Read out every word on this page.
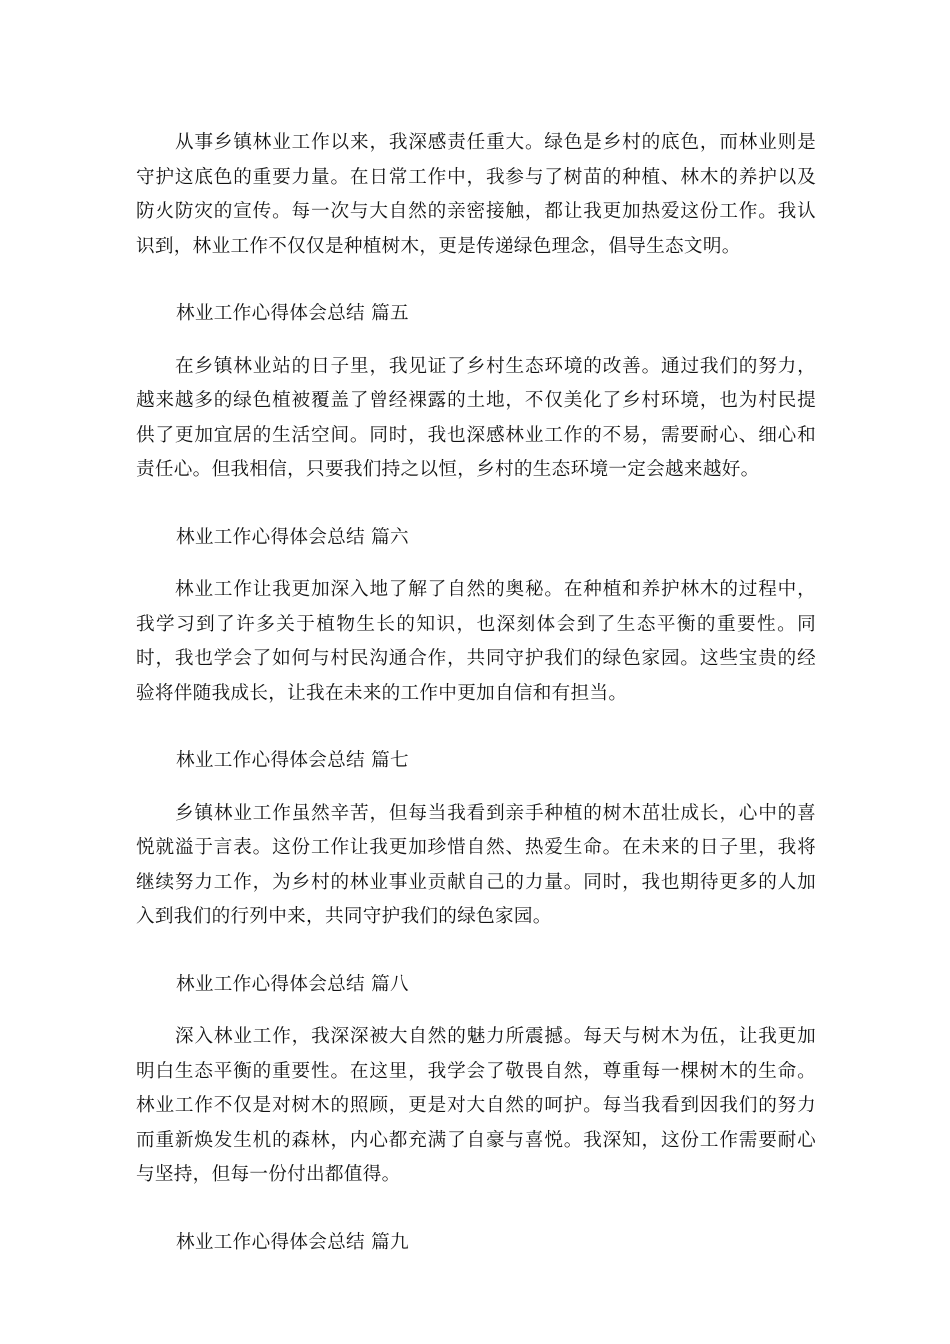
从事乡镇林业工作以来，我深感责任重大。绿色是乡村的底色，而林业则是守护这底色的重要力量。在日常工作中，我参与了树苗的种植、林木的养护以及防火防灾的宣传。每一次与大自然的亲密接触，都让我更加热爱这份工作。我认识到，林业工作不仅仅是种植树木，更是传递绿色理念，倡导生态文明。

林业工作心得体会总结 篇五

在乡镇林业站的日子里，我见证了乡村生态环境的改善。通过我们的努力，越来越多的绿色植被覆盖了曾经裸露的土地，不仅美化了乡村环境，也为村民提供了更加宜居的生活空间。同时，我也深感林业工作的不易，需要耐心、细心和责任心。但我相信，只要我们持之以恒，乡村的生态环境一定会越来越好。

林业工作心得体会总结 篇六

林业工作让我更加深入地了解了自然的奥秘。在种植和养护林木的过程中，我学习到了许多关于植物生长的知识，也深刻体会到了生态平衡的重要性。同时，我也学会了如何与村民沟通合作，共同守护我们的绿色家园。这些宝贵的经验将伴随我成长，让我在未来的工作中更加自信和有担当。

林业工作心得体会总结 篇七

乡镇林业工作虽然辛苦，但每当我看到亲手种植的树木茁壮成长，心中的喜悦就溢于言表。这份工作让我更加珍惜自然、热爱生命。在未来的日子里，我将继续努力工作，为乡村的林业事业贡献自己的力量。同时，我也期待更多的人加入到我们的行列中来，共同守护我们的绿色家园。

林业工作心得体会总结 篇八

深入林业工作，我深深被大自然的魅力所震撼。每天与树木为伍，让我更加明白生态平衡的重要性。在这里，我学会了敬畏自然，尊重每一棵树木的生命。林业工作不仅是对树木的照顾，更是对大自然的呵护。每当我看到因我们的努力而重新焕发生机的森林，内心都充满了自豪与喜悦。我深知，这份工作需要耐心与坚持，但每一份付出都值得。

林业工作心得体会总结 篇九
